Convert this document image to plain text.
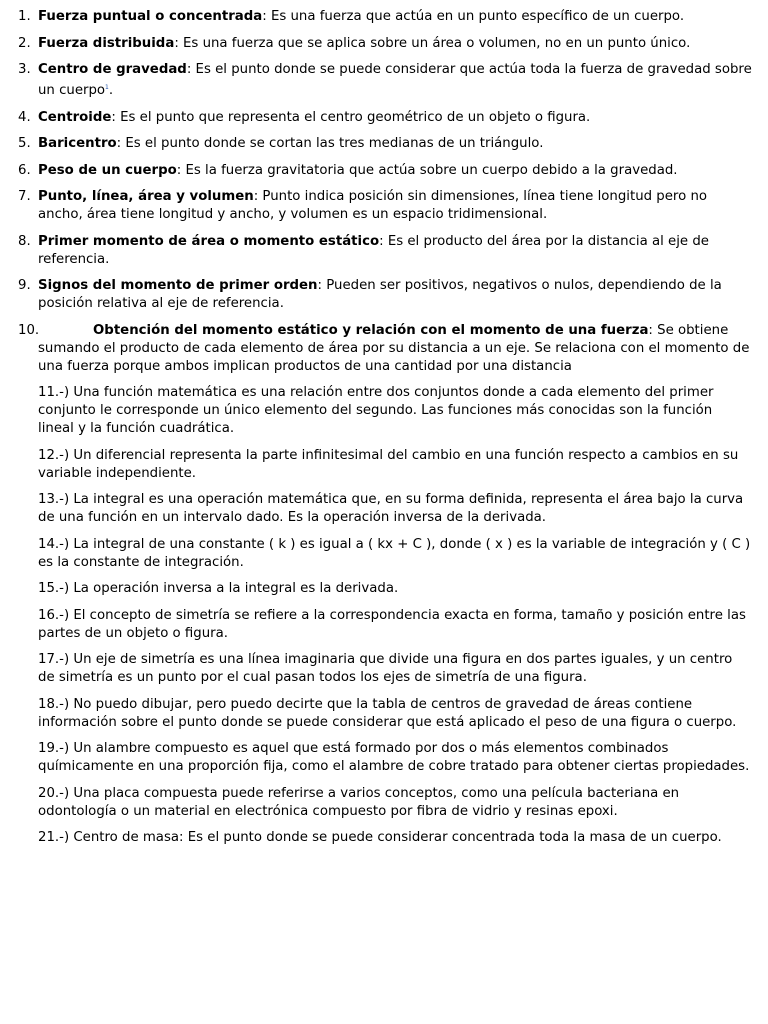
1. Fuerza puntual o concentrada: Es una fuerza que actúa en un punto específico de un cuerpo.
2. Fuerza distribuida: Es una fuerza que se aplica sobre un área o volumen, no en un punto único.
3. Centro de gravedad: Es el punto donde se puede considerar que actúa toda la fuerza de gravedad sobre un cuerpo$^1$.
4. Centroide: Es el punto que representa el centro geométrico de un objeto o figura.
5. Baricentro: Es el punto donde se cortan las tres medianas de un triángulo.
6. Peso de un cuerpo: Es la fuerza gravitatoria que actúa sobre un cuerpo debido a la gravedad.
7. Punto, línea, área y volumen: Punto indica posición sin dimensiones, línea tiene longitud pero no ancho, área tiene longitud y ancho, y volumen es un espacio tridimensional.
8. Primer momento de área o momento estático: Es el producto del área por la distancia al eje de referencia.
9. Signos del momento de primer orden: Pueden ser positivos, negativos o nulos, dependiendo de la posición relativa al eje de referencia.
10.	Obtención del momento estático y relación con el momento de una fuerza: Se obtiene sumando el producto de cada elemento de área por su distancia a un eje. Se relaciona con el momento de una fuerza porque ambos implican productos de una cantidad por una distancia
11.-) Una función matemática es una relación entre dos conjuntos donde a cada elemento del primer conjunto le corresponde un único elemento del segundo. Las funciones más conocidas son la función lineal y la función cuadrática.
12.-) Un diferencial representa la parte infinitesimal del cambio en una función respecto a cambios en su variable independiente.
13.-) La integral es una operación matemática que, en su forma definida, representa el área bajo la curva de una función en un intervalo dado. Es la operación inversa de la derivada.
14.-) La integral de una constante ( k ) es igual a ( kx + C ), donde ( x ) es la variable de integración y ( C ) es la constante de integración.
15.-) La operación inversa a la integral es la derivada.
16.-) El concepto de simetría se refiere a la correspondencia exacta en forma, tamaño y posición entre las partes de un objeto o figura.
17.-) Un eje de simetría es una línea imaginaria que divide una figura en dos partes iguales, y un centro de simetría es un punto por el cual pasan todos los ejes de simetría de una figura.
18.-) No puedo dibujar, pero puedo decirte que la tabla de centros de gravedad de áreas contiene información sobre el punto donde se puede considerar que está aplicado el peso de una figura o cuerpo.
19.-) Un alambre compuesto es aquel que está formado por dos o más elementos combinados químicamente en una proporción fija, como el alambre de cobre tratado para obtener ciertas propiedades.
20.-) Una placa compuesta puede referirse a varios conceptos, como una película bacteriana en odontología o un material en electrónica compuesto por fibra de vidrio y resinas epoxi.
21.-) Centro de masa: Es el punto donde se puede considerar concentrada toda la masa de un cuerpo.
